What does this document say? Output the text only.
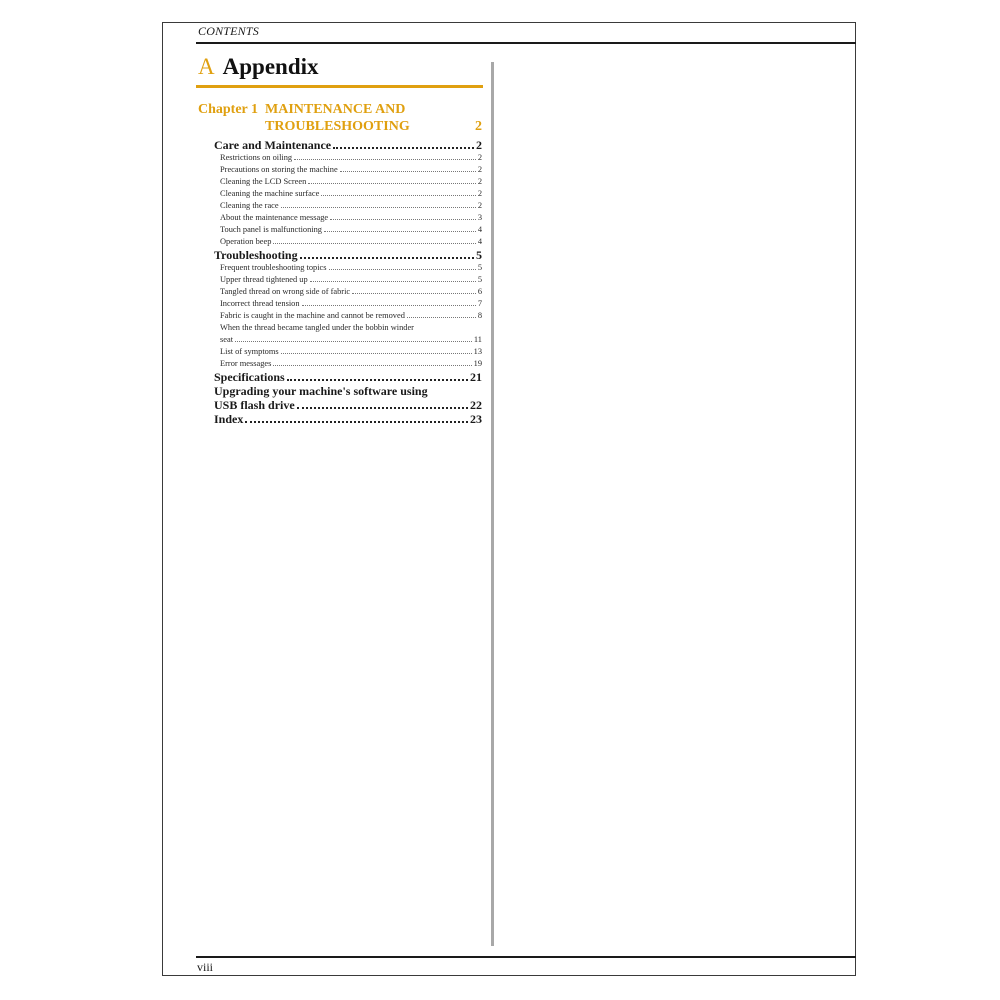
CONTENTS
A Appendix
Chapter 1 MAINTENANCE AND
TROUBLESHOOTING	2
Care and Maintenance	2
Restrictions on oiling	2
Precautions on storing the machine	2
Cleaning the LCD Screen	2
Cleaning the machine surface	2
Cleaning the race	2
About the maintenance message	3
Touch panel is malfunctioning	4
Operation beep	4
Troubleshooting	5
Frequent troubleshooting topics	5
Upper thread tightened up	5
Tangled thread on wrong side of fabric	6
Incorrect thread tension	7
Fabric is caught in the machine and cannot be removed	8
When the thread became tangled under the bobbin winder
seat	11
List of symptoms	13
Error messages	19
Specifications	21
Upgrading your machine's software using
USB flash drive	22
Index	23
viii
